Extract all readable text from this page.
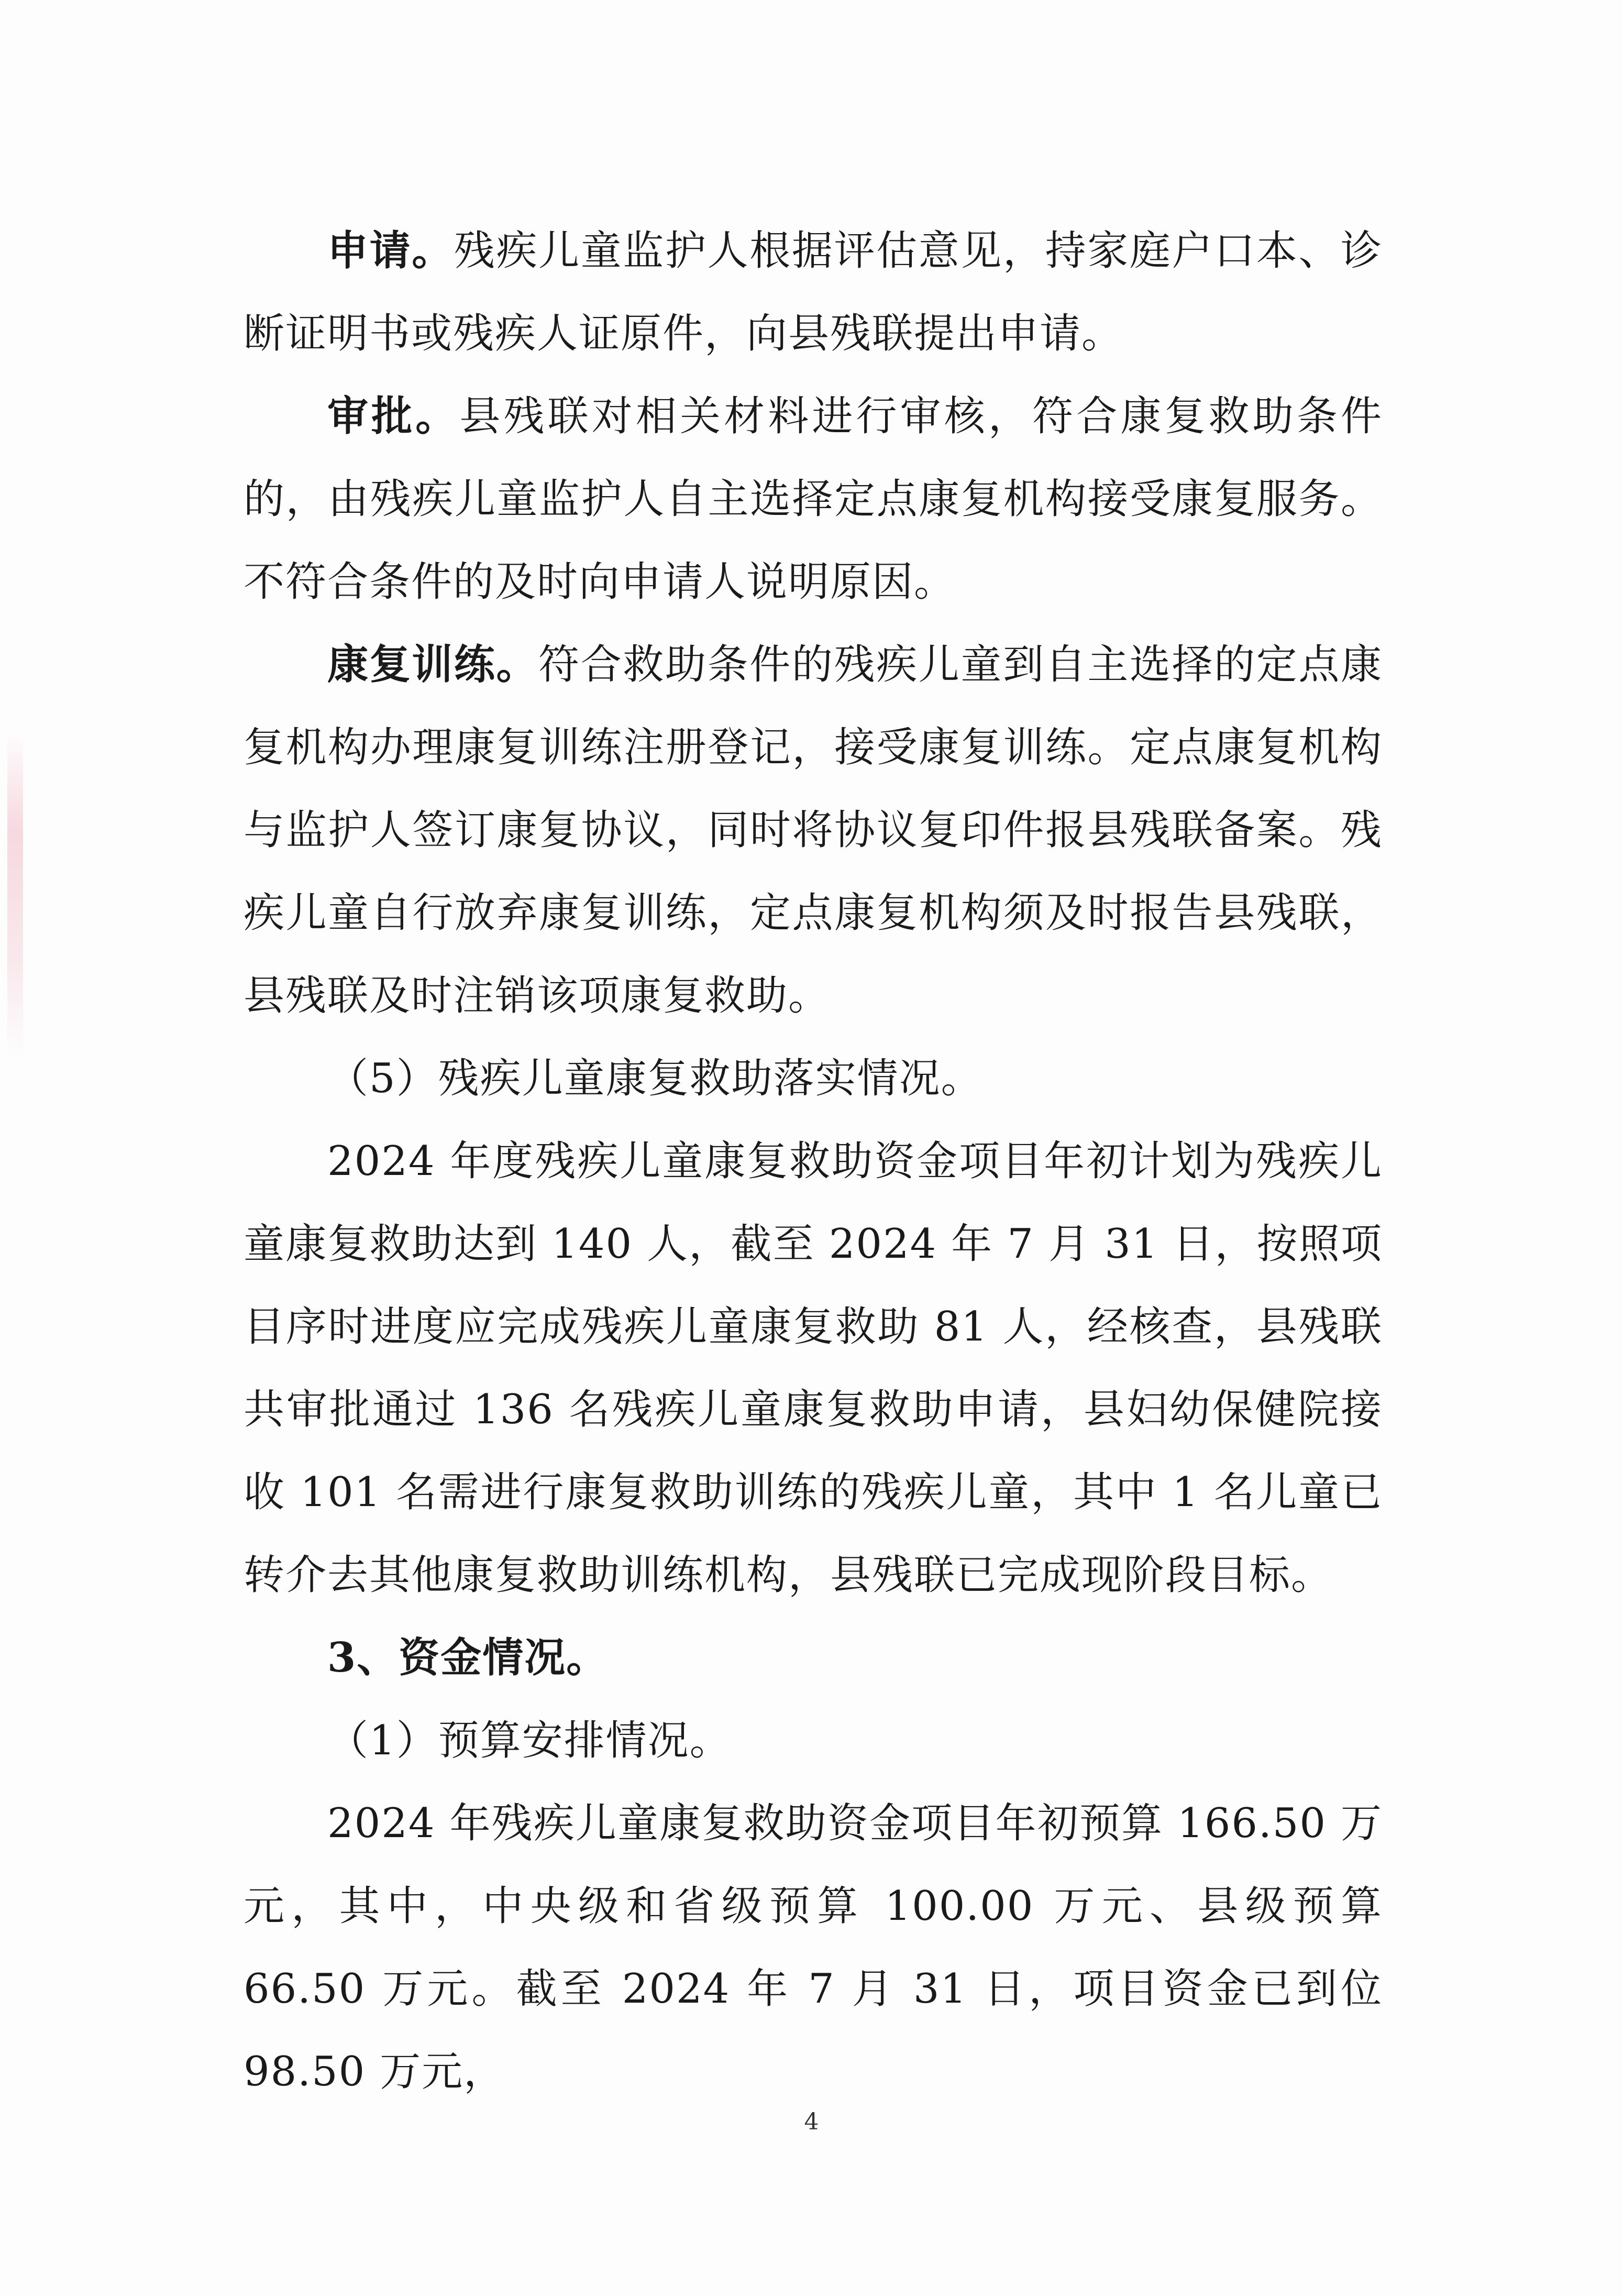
申请。残疾儿童监护人根据评估意见，持家庭户口本、诊断证明书或残疾人证原件，向县残联提出申请。

审批。县残联对相关材料进行审核，符合康复救助条件的，由残疾儿童监护人自主选择定点康复机构接受康复服务。不符合条件的及时向申请人说明原因。

康复训练。符合救助条件的残疾儿童到自主选择的定点康复机构办理康复训练注册登记，接受康复训练。定点康复机构与监护人签订康复协议，同时将协议复印件报县残联备案。残疾儿童自行放弃康复训练，定点康复机构须及时报告县残联，县残联及时注销该项康复救助。

（5）残疾儿童康复救助落实情况。

2024 年度残疾儿童康复救助资金项目年初计划为残疾儿童康复救助达到 140 人，截至 2024 年 7 月 31 日，按照项目序时进度应完成残疾儿童康复救助 81 人，经核查，县残联共审批通过 136 名残疾儿童康复救助申请，县妇幼保健院接收 101 名需进行康复救助训练的残疾儿童，其中 1 名儿童已转介去其他康复救助训练机构，县残联已完成现阶段目标。

3、资金情况。

（1）预算安排情况。

2024 年残疾儿童康复救助资金项目年初预算 166.50 万元，其中，中央级和省级预算 100.00 万元、县级预算 66.50 万元。截至 2024 年 7 月 31 日，项目资金已到位 98.50 万元，

4
